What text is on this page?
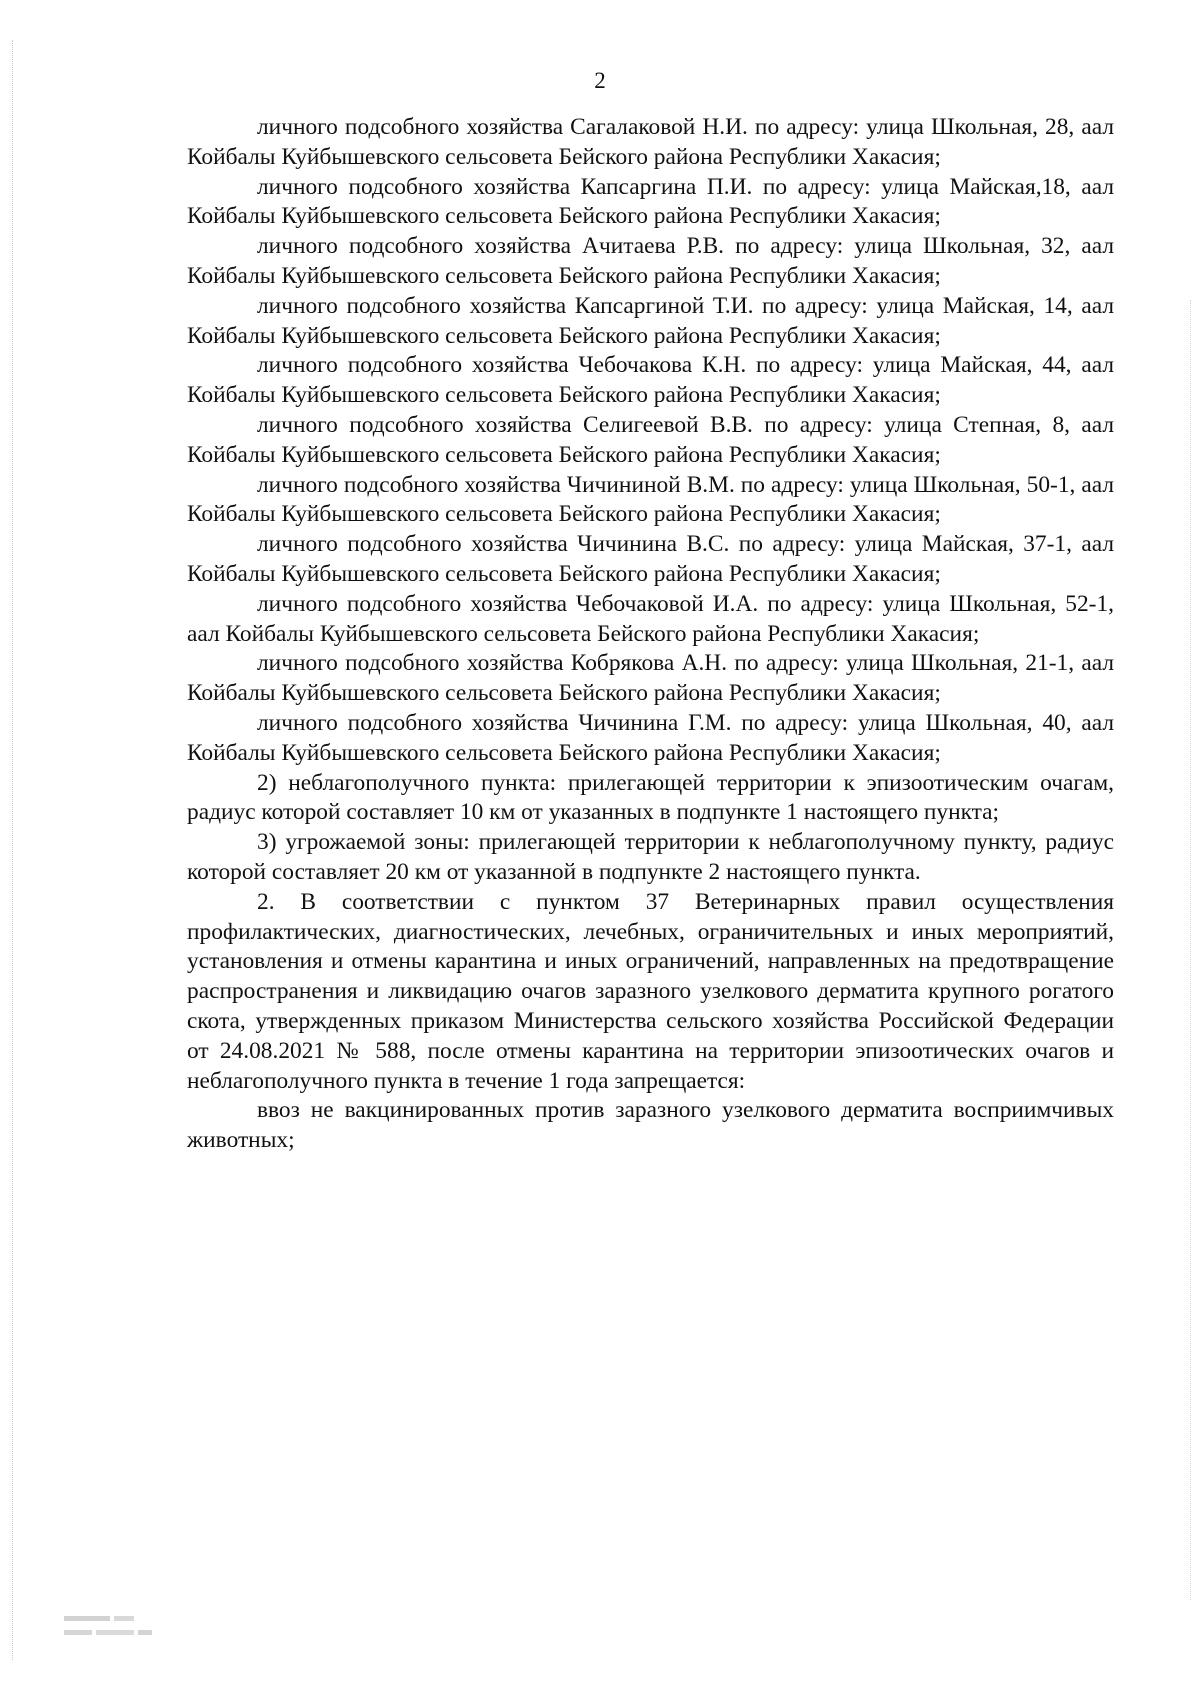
2

личного подсобного хозяйства Сагалаковой Н.И. по адресу: улица Школьная, 28, аал Койбалы Куйбышевского сельсовета Бейского района Республики Хакасия;

личного подсобного хозяйства Капсаргина П.И. по адресу: улица Майская,18, аал Койбалы Куйбышевского сельсовета Бейского района Республики Хакасия;

личного подсобного хозяйства Ачитаева Р.В. по адресу: улица Школьная, 32, аал Койбалы Куйбышевского сельсовета Бейского района Республики Хакасия;

личного подсобного хозяйства Капсаргиной Т.И. по адресу: улица Майская, 14, аал Койбалы Куйбышевского сельсовета Бейского района Республики Хакасия;

личного подсобного хозяйства Чебочакова К.Н. по адресу: улица Майская, 44, аал Койбалы Куйбышевского сельсовета Бейского района Республики Хакасия;

личного подсобного хозяйства Селигеевой В.В. по адресу: улица Степная, 8, аал Койбалы Куйбышевского сельсовета Бейского района Республики Хакасия;

личного подсобного хозяйства Чичининой В.М. по адресу: улица Школьная, 50-1, аал Койбалы Куйбышевского сельсовета Бейского района Республики Хакасия;

личного подсобного хозяйства Чичинина В.С. по адресу: улица Майская, 37-1, аал Койбалы Куйбышевского сельсовета Бейского района Республики Хакасия;

личного подсобного хозяйства Чебочаковой И.А. по адресу: улица Школьная, 52-1, аал Койбалы Куйбышевского сельсовета Бейского района Республики Хакасия;

личного подсобного хозяйства Кобрякова А.Н. по адресу: улица Школьная, 21-1, аал Койбалы Куйбышевского сельсовета Бейского района Республики Хакасия;

личного подсобного хозяйства Чичинина Г.М. по адресу: улица Школьная, 40, аал Койбалы Куйбышевского сельсовета Бейского района Республики Хакасия;

2) неблагополучного пункта: прилегающей территории к эпизоотическим очагам, радиус которой составляет 10 км от указанных в подпункте 1 настоящего пункта;

3) угрожаемой зоны: прилегающей территории к неблагополучному пункту, радиус которой составляет 20 км от указанной в подпункте 2 настоящего пункта.

2. В соответствии с пунктом 37 Ветеринарных правил осуществления профилактических, диагностических, лечебных, ограничительных и иных мероприятий, установления и отмены карантина и иных ограничений, направленных на предотвращение распространения и ликвидацию очагов заразного узелкового дерматита крупного рогатого скота, утвержденных приказом Министерства сельского хозяйства Российской Федерации от 24.08.2021 № 588, после отмены карантина на территории эпизоотических очагов и неблагополучного пункта в течение 1 года запрещается:

ввоз не вакцинированных против заразного узелкового дерматита восприимчивых животных;
